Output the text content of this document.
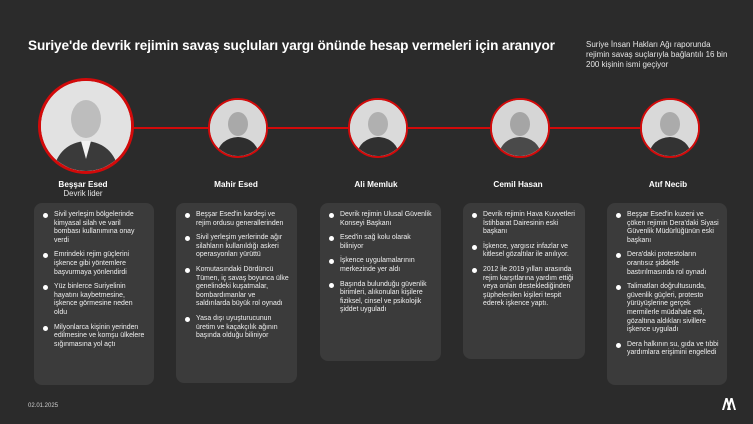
Suriye'de devrik rejimin savaş suçluları yargı önünde hesap vermeleri için aranıyor	Suriye İnsan Hakları Ağı raporunda rejimin savaş suçlarıyla bağlantılı 16 bin 200 kişinin ismi geçiyor
Beşşar Esed
Devrik lider
Mahir Esed	Ali Memluk	Cemil Hasan	Atıf Necib
Sivil yerleşim bölgelerinde kimyasal silah ve varil bombası kullanımına onay verdi
Emrindeki rejim güçlerini işkence gibi yöntemlere başvurmaya yönlendirdi
Yüz binlerce Suriyelinin hayatını kaybetmesine, işkence görmesine neden oldu
Milyonlarca kişinin yerinden edilmesine ve komşu ülkelere sığınmasına yol açtı
Beşşar Esed'in kardeşi ve rejim ordusu generallerinden
Sivil yerleşim yerlerinde ağır silahların kullanıldığı askeri operasyonları yürüttü
Komutasındaki Dördüncü Tümen, iç savaş boyunca ülke genelindeki kuşatmalar, bombardımanlar ve saldırılarda büyük rol oynadı
Yasa dışı uyuşturucunun üretim ve kaçakçılık ağının başında olduğu biliniyor
Devrik rejimin Ulusal Güvenlik Konseyi Başkanı
Esed'in sağ kolu olarak biliniyor
İşkence uygulamalarının merkezinde yer aldı
Başında bulunduğu güvenlik birimleri, alıkonulan kişilere fiziksel, cinsel ve psikolojik şiddet uyguladı
Devrik rejimin Hava Kuvvetleri İstihbarat Dairesinin eski başkanı
İşkence, yargısız infazlar ve kitlesel gözaltılar ile anılıyor.
2012 ile 2019 yılları arasında rejim karşıtlarına yardım ettiği veya onları desteklediğinden şüphelenilen kişileri tespit ederek işkence yaptı.
Beşşar Esed'in kuzeni ve çöken rejimin Dera'daki Siyasi Güvenlik Müdürlüğünün eski başkanı
Dera'daki protestoların orantısız şiddetle bastırılmasında rol oynadı
Talimatları doğrultusunda, güvenlik güçleri, protesto yürüyüşlerine gerçek mermilerle müdahale etti, gözaltına aldıkları sivillere işkence uyguladı
Dera halkının su, gıda ve tıbbi yardımlara erişimini engelledi
02.01.2025
